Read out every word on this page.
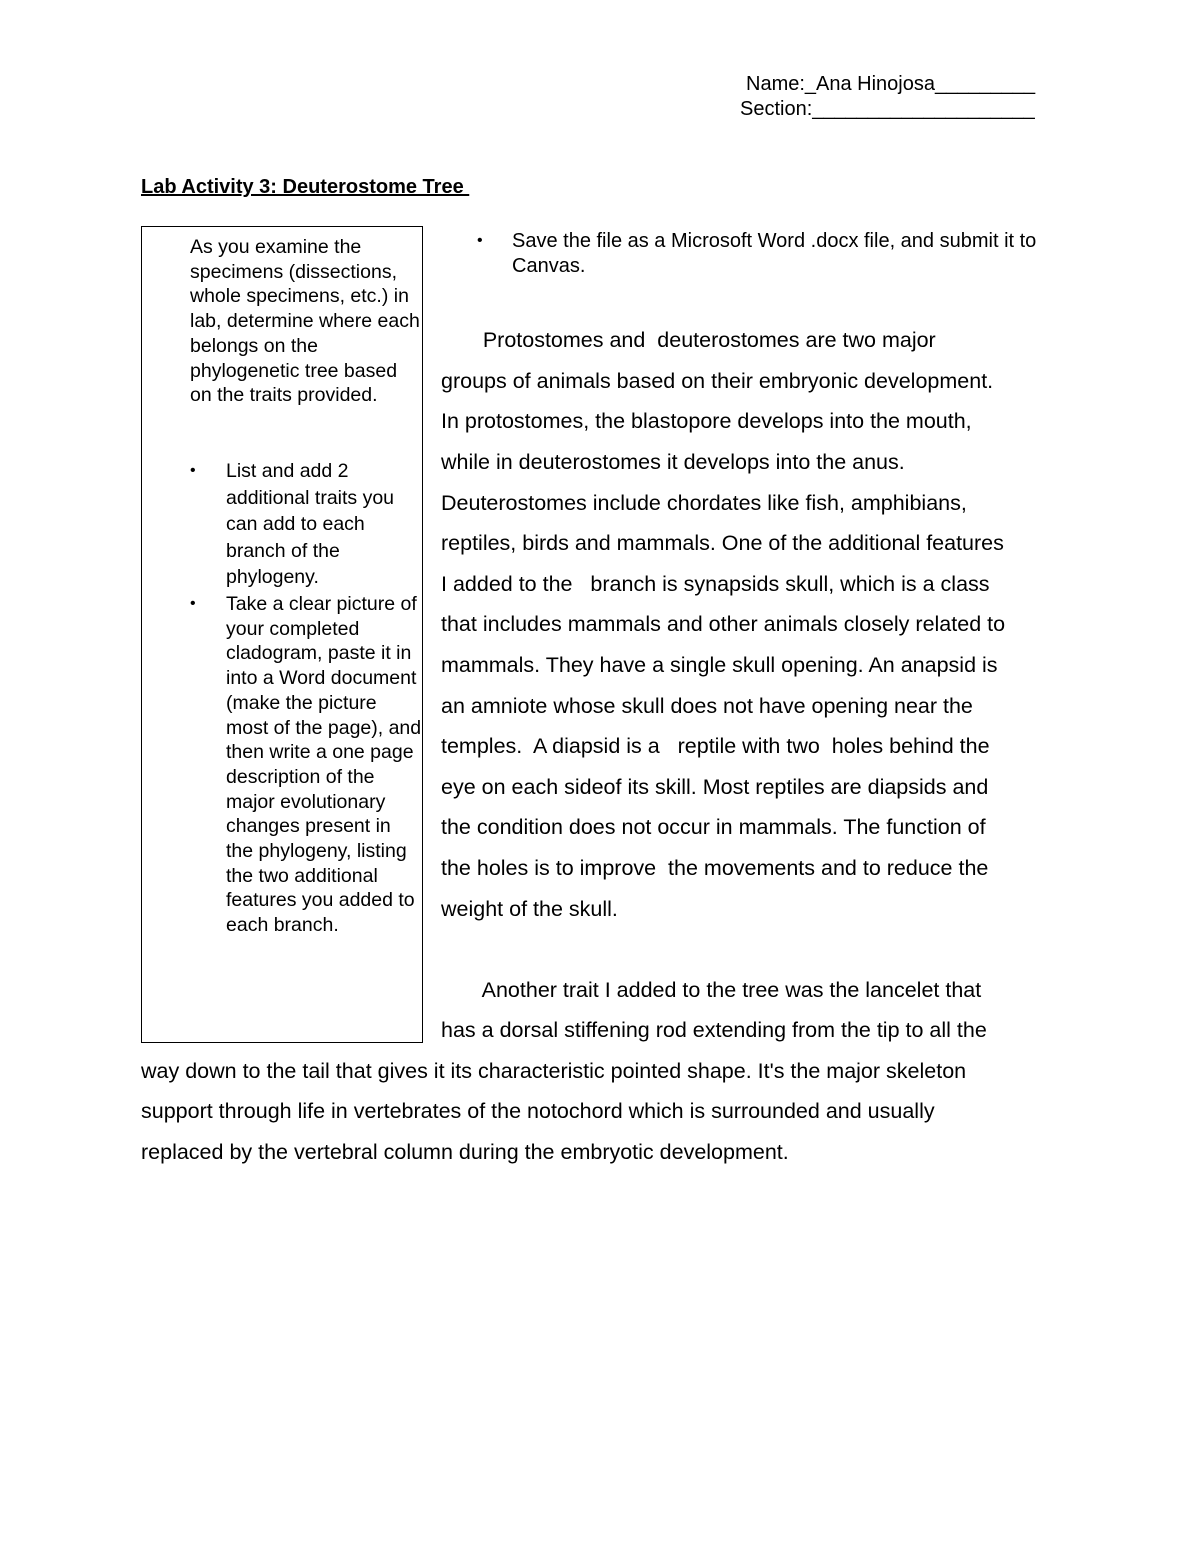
Name:_Ana Hinojosa_________
Section:____________________
Lab Activity 3: Deuterostome Tree
As you examine the specimens (dissections, whole specimens, etc.) in lab, determine where each belongs on the phylogenetic tree based on the traits provided.
• List and add 2 additional traits you can add to each branch of the phylogeny.
• Take a clear picture of your completed cladogram, paste it in into a Word document (make the picture most of the page), and then write a one page description of the major evolutionary changes present in the phylogeny, listing the two additional features you added to each branch.
• Save the file as a Microsoft Word .docx file, and submit it to Canvas.
Protostomes and  deuterostomes are two major
groups of animals based on their embryonic development.
In protostomes, the blastopore develops into the mouth,
while in deuterostomes it develops into the anus.
Deuterostomes include chordates like fish, amphibians,
reptiles, birds and mammals. One of the additional features
I added to the   branch is synapsids skull, which is a class
that includes mammals and other animals closely related to
mammals. They have a single skull opening. An anapsid is
an amniote whose skull does not have opening near the
temples.  A diapsid is a   reptile with two  holes behind the
eye on each sideof its skill. Most reptiles are diapsids and
the condition does not occur in mammals. The function of
the holes is to improve  the movements and to reduce the
weight of the skull.
Another trait I added to the tree was the lancelet that
has a dorsal stiffening rod extending from the tip to all the
way down to the tail that gives it its characteristic pointed shape. It's the major skeleton
support through life in vertebrates of the notochord which is surrounded and usually
replaced by the vertebral column during the embryotic development.
